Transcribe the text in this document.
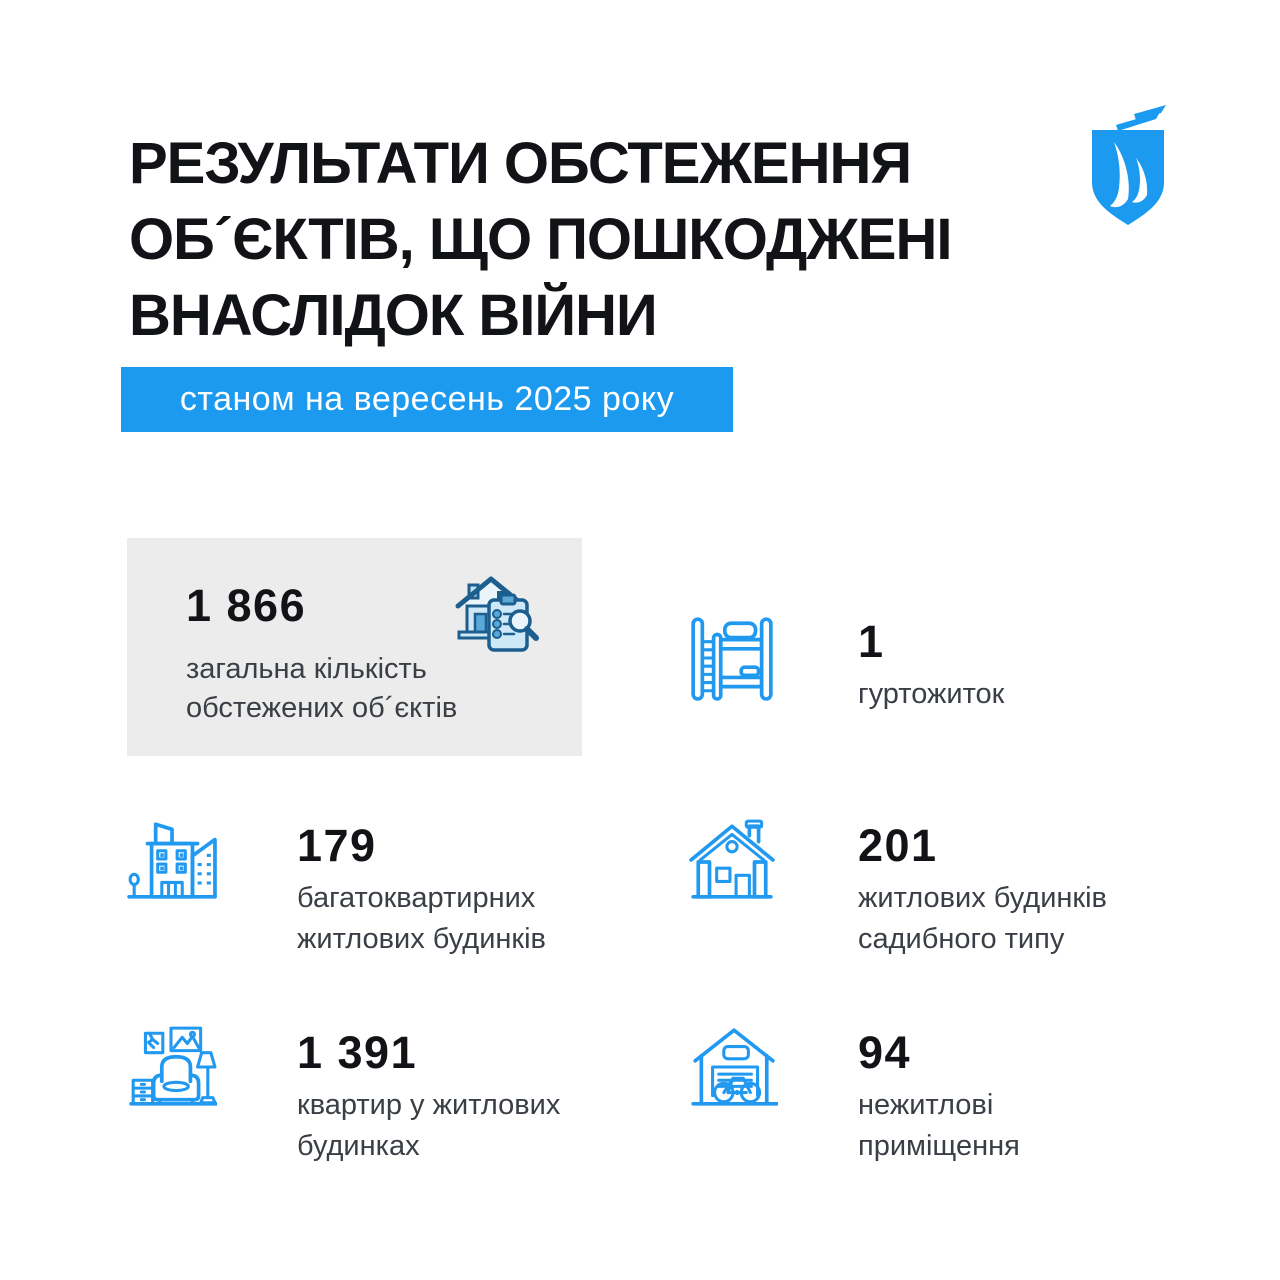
РЕЗУЛЬТАТИ ОБСТЕЖЕННЯ
ОБ´ЄКТІВ, ЩО ПОШКОДЖЕНІ
ВНАСЛІДОК ВІЙНИ
станом на вересень 2025 року
1 866
загальна кількість
обстежених об´єктів
1
гуртожиток
179
багатоквартирних
житлових будинків
201
житлових будинків
садибного типу
1 391
квартир у житлових
будинках
94
нежитлові
приміщення
